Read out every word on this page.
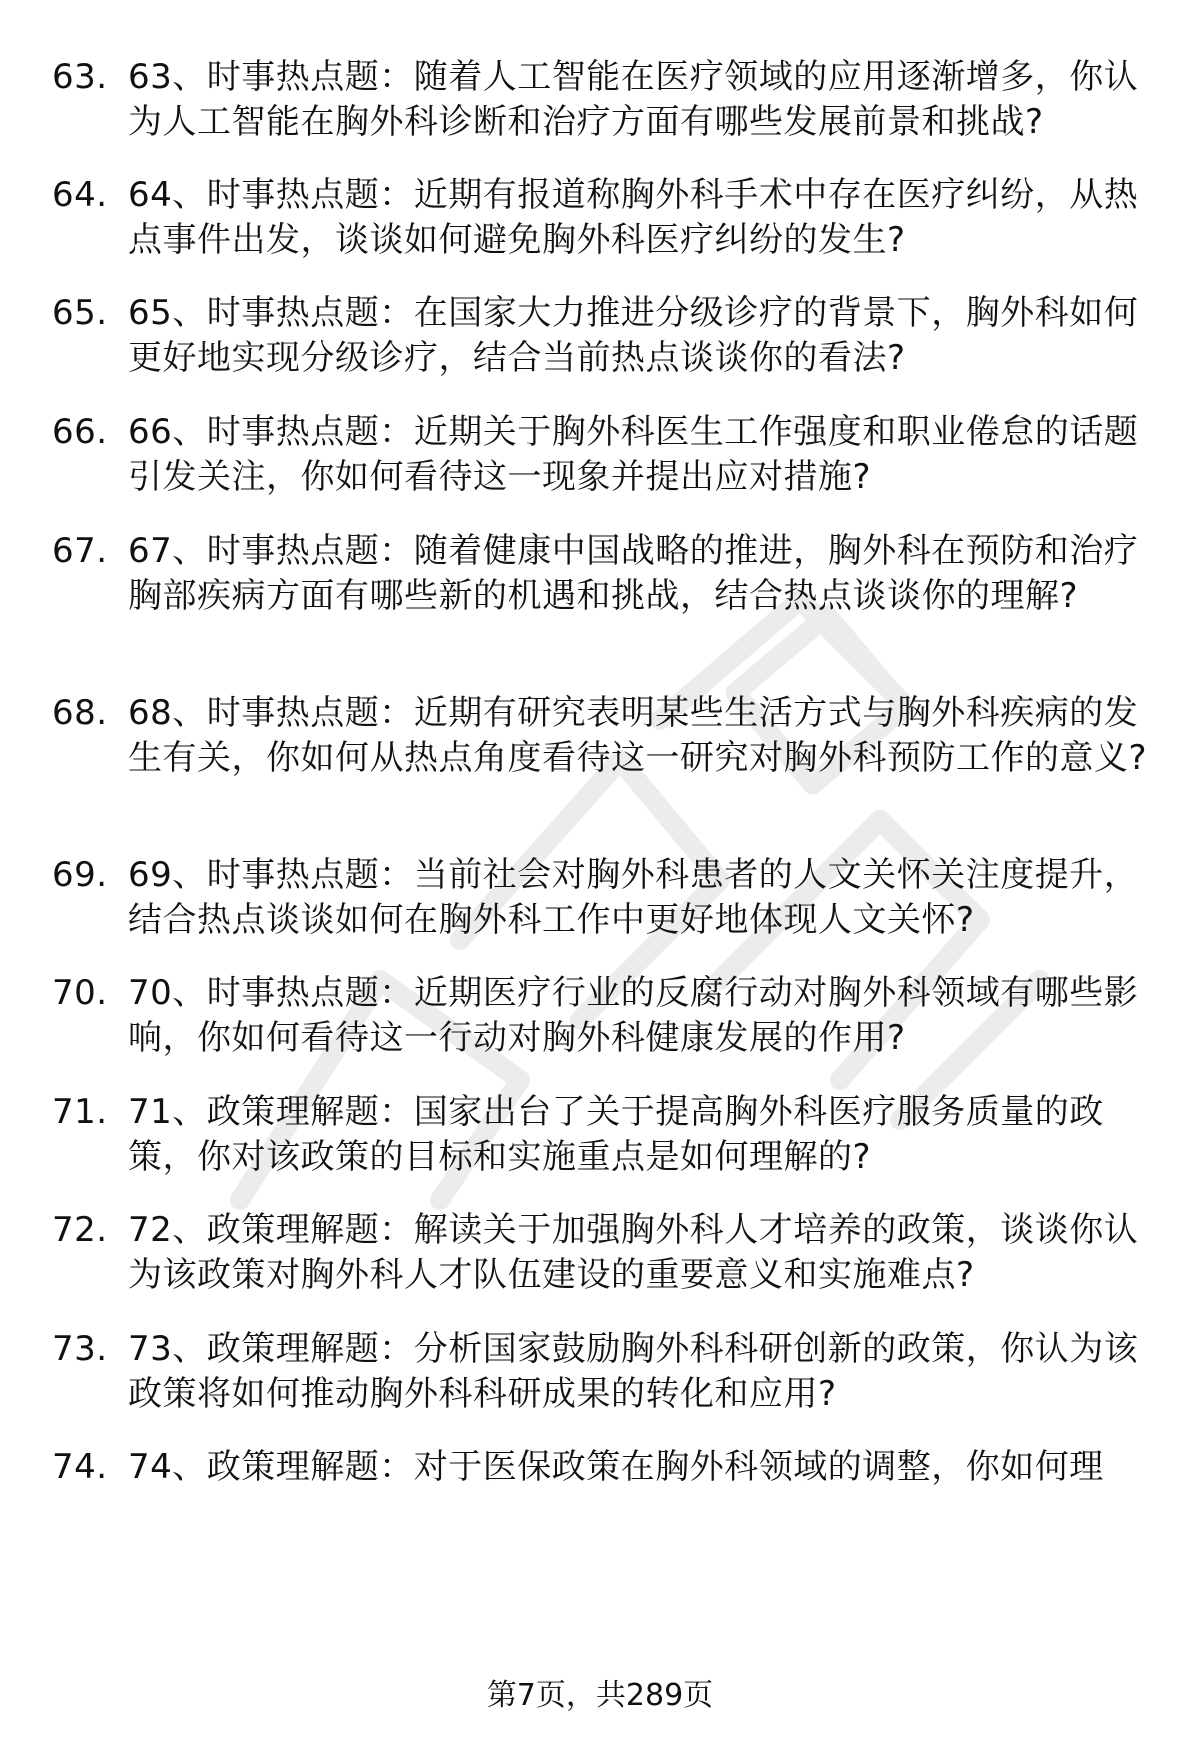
63. 63、时事热点题：随着人工智能在医疗领域的应用逐渐增多，你认为人工智能在胸外科诊断和治疗方面有哪些发展前景和挑战?
64. 64、时事热点题：近期有报道称胸外科手术中存在医疗纠纷，从热点事件出发，谈谈如何避免胸外科医疗纠纷的发生?
65. 65、时事热点题：在国家大力推进分级诊疗的背景下，胸外科如何更好地实现分级诊疗，结合当前热点谈谈你的看法?
66. 66、时事热点题：近期关于胸外科医生工作强度和职业倦怠的话题引发关注，你如何看待这一现象并提出应对措施?
67. 67、时事热点题：随着健康中国战略的推进，胸外科在预防和治疗胸部疾病方面有哪些新的机遇和挑战，结合热点谈谈你的理解?
68. 68、时事热点题：近期有研究表明某些生活方式与胸外科疾病的发生有关，你如何从热点角度看待这一研究对胸外科预防工作的意义?
69. 69、时事热点题：当前社会对胸外科患者的人文关怀关注度提升，结合热点谈谈如何在胸外科工作中更好地体现人文关怀?
70. 70、时事热点题：近期医疗行业的反腐行动对胸外科领域有哪些影响，你如何看待这一行动对胸外科健康发展的作用?
71. 71、政策理解题：国家出台了关于提高胸外科医疗服务质量的政策，你对该政策的目标和实施重点是如何理解的?
72. 72、政策理解题：解读关于加强胸外科人才培养的政策，谈谈你认为该政策对胸外科人才队伍建设的重要意义和实施难点?
73. 73、政策理解题：分析国家鼓励胸外科科研创新的政策，你认为该政策将如何推动胸外科科研成果的转化和应用?
74. 74、政策理解题：对于医保政策在胸外科领域的调整，你如何理
第7页，共289页
